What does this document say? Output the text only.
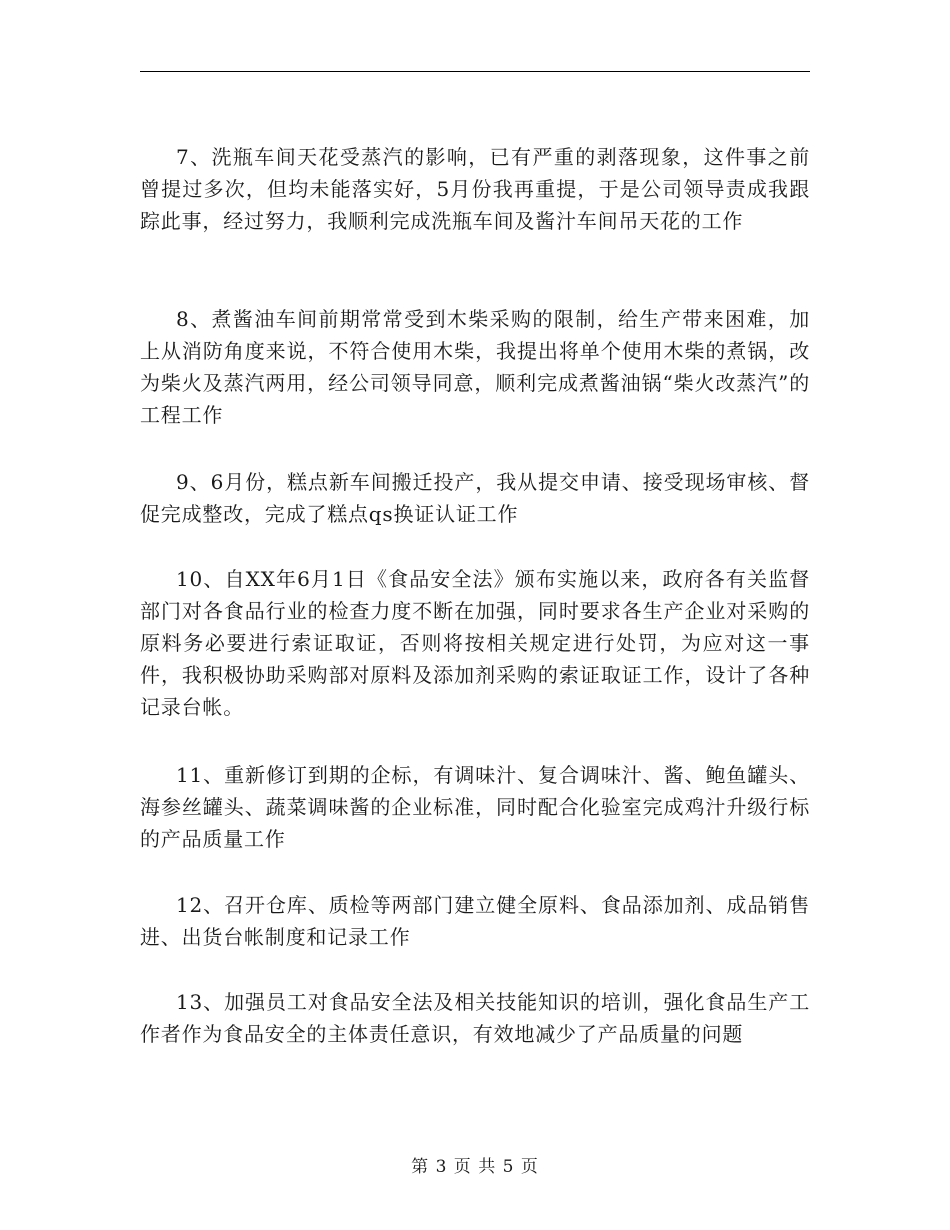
7、洗瓶车间天花受蒸汽的影响，已有严重的剥落现象，这件事之前曾提过多次，但均未能落实好，5月份我再重提，于是公司领导责成我跟踪此事，经过努力，我顺利完成洗瓶车间及酱汁车间吊天花的工作

8、煮酱油车间前期常常受到木柴采购的限制，给生产带来困难，加上从消防角度来说，不符合使用木柴，我提出将单个使用木柴的煮锅，改为柴火及蒸汽两用，经公司领导同意，顺利完成煮酱油锅“柴火改蒸汽”的工程工作

9、6月份，糕点新车间搬迁投产，我从提交申请、接受现场审核、督促完成整改，完成了糕点qs换证认证工作

10、自XX年6月1日《食品安全法》颁布实施以来，政府各有关监督部门对各食品行业的检查力度不断在加强，同时要求各生产企业对采购的原料务必要进行索证取证，否则将按相关规定进行处罚，为应对这一事件，我积极协助采购部对原料及添加剂采购的索证取证工作，设计了各种记录台帐。

11、重新修订到期的企标，有调味汁、复合调味汁、酱、鲍鱼罐头、海参丝罐头、蔬菜调味酱的企业标准，同时配合化验室完成鸡汁升级行标的产品质量工作

12、召开仓库、质检等两部门建立健全原料、食品添加剂、成品销售进、出货台帐制度和记录工作

13、加强员工对食品安全法及相关技能知识的培训，强化食品生产工作者作为食品安全的主体责任意识，有效地减少了产品质量的问题

第 3 页 共 5 页
